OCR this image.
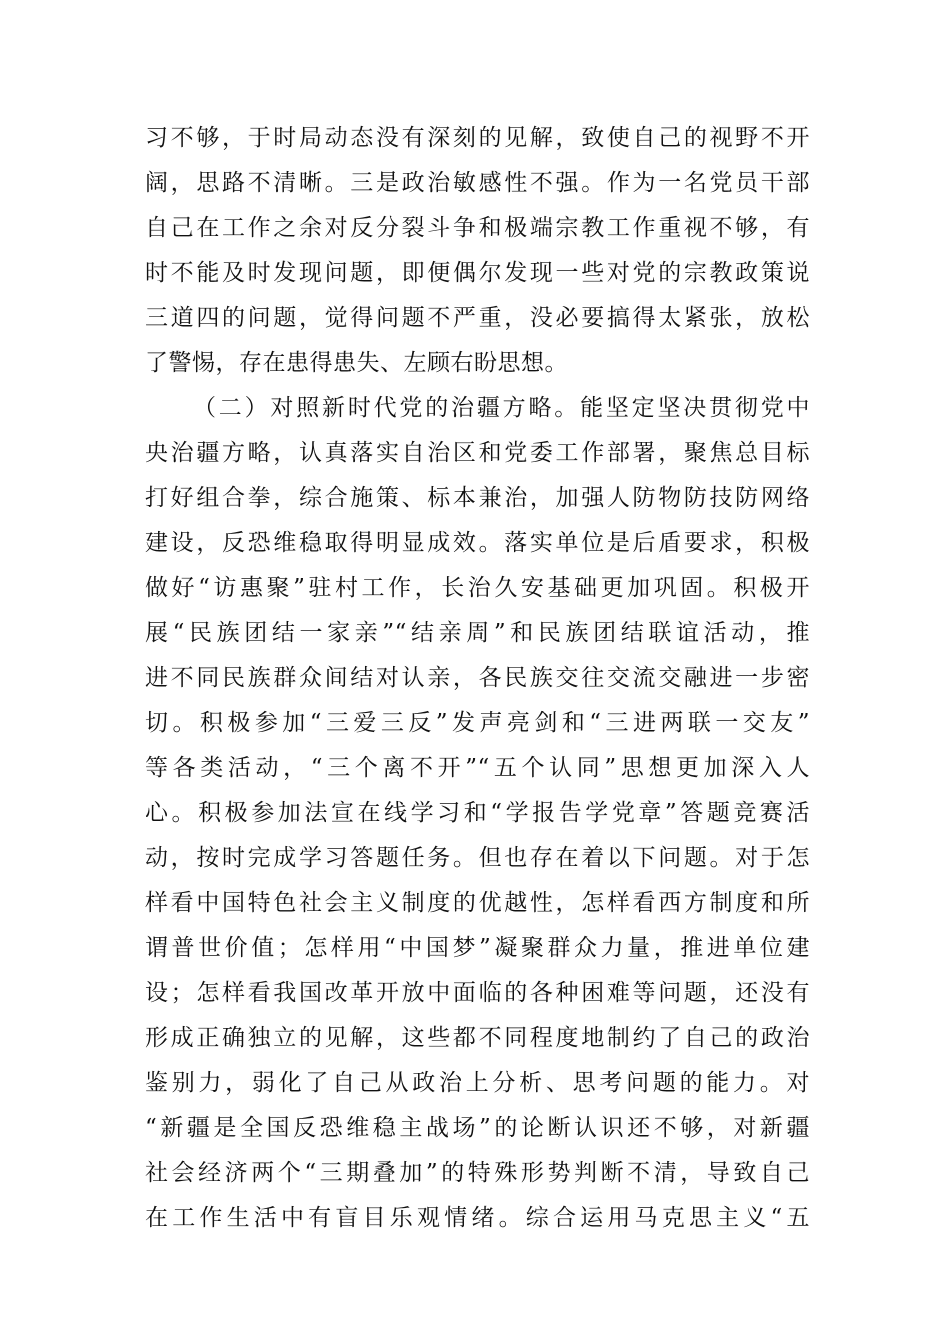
习不够，于时局动态没有深刻的见解，致使自己的视野不开
阔，思路不清晰。三是政治敏感性不强。作为一名党员干部
自己在工作之余对反分裂斗争和极端宗教工作重视不够，有
时不能及时发现问题，即便偶尔发现一些对党的宗教政策说
三道四的问题，觉得问题不严重，没必要搞得太紧张，放松
了警惕，存在患得患失、左顾右盼思想。
（二）对照新时代党的治疆方略。能坚定坚决贯彻党中
央治疆方略，认真落实自治区和党委工作部署，聚焦总目标
打好组合拳，综合施策、标本兼治，加强人防物防技防网络
建设，反恐维稳取得明显成效。落实单位是后盾要求，积极
做好“访惠聚”驻村工作，长治久安基础更加巩固。积极开
展“民族团结一家亲”“结亲周”和民族团结联谊活动，推
进不同民族群众间结对认亲，各民族交往交流交融进一步密
切。积极参加“三爱三反”发声亮剑和“三进两联一交友”
等各类活动，“三个离不开”“五个认同”思想更加深入人
心。积极参加法宣在线学习和“学报告学党章”答题竞赛活
动，按时完成学习答题任务。但也存在着以下问题。对于怎
样看中国特色社会主义制度的优越性，怎样看西方制度和所
谓普世价值；怎样用“中国梦”凝聚群众力量，推进单位建
设；怎样看我国改革开放中面临的各种困难等问题，还没有
形成正确独立的见解，这些都不同程度地制约了自己的政治
鉴别力，弱化了自己从政治上分析、思考问题的能力。对
“新疆是全国反恐维稳主战场”的论断认识还不够，对新疆
社会经济两个“三期叠加”的特殊形势判断不清，导致自己
在工作生活中有盲目乐观情绪。综合运用马克思主义“五
